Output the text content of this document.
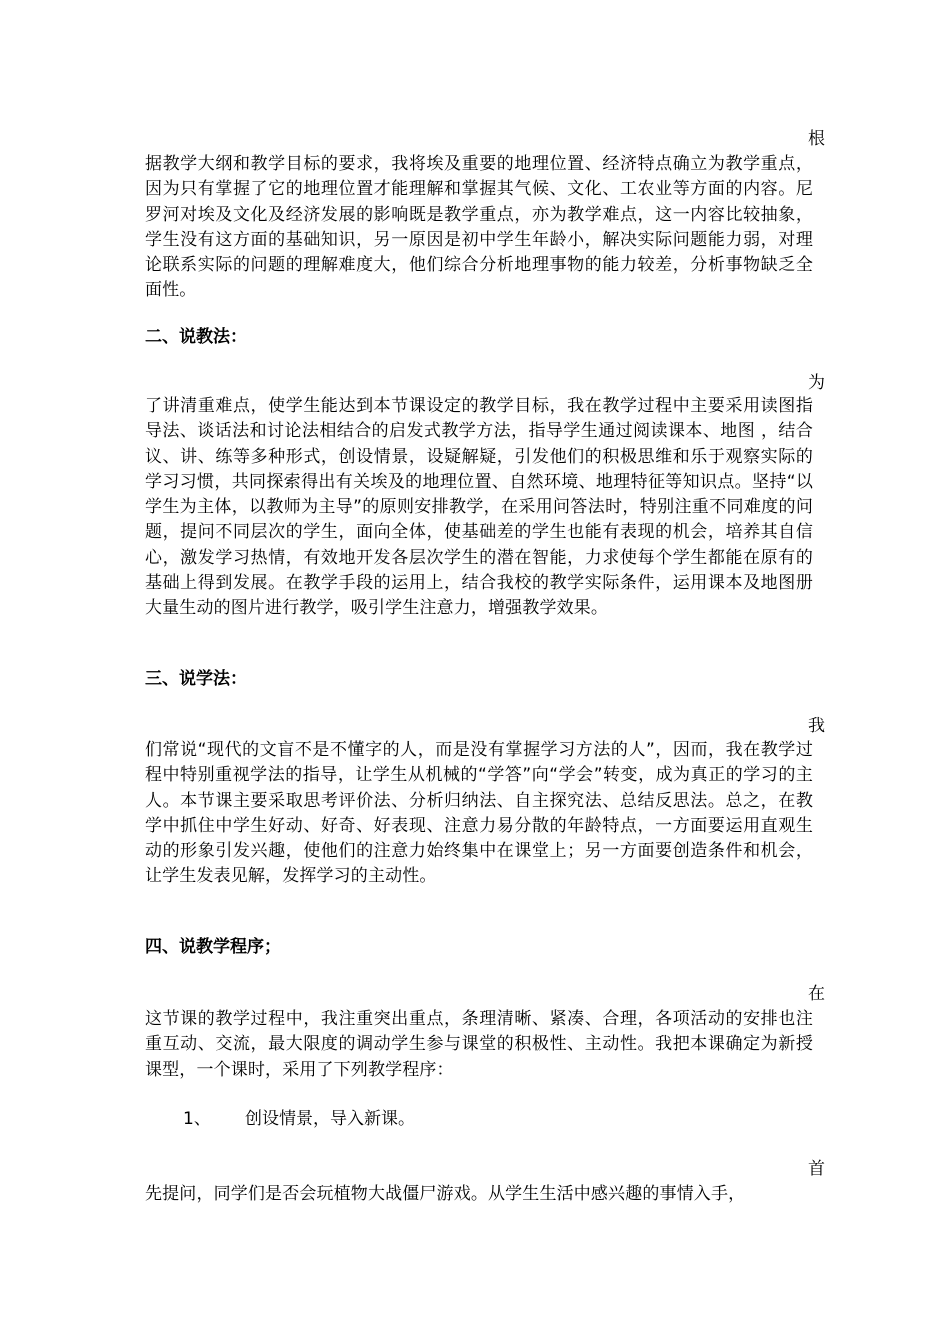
根

据教学大纲和教学目标的要求，我将埃及重要的地理位置、经济特点确立为教学重点，因为只有掌握了它的地理位置才能理解和掌握其气候、文化、工农业等方面的内容。尼罗河对埃及文化及经济发展的影响既是教学重点，亦为教学难点，这一内容比较抽象，学生没有这方面的基础知识，另一原因是初中学生年龄小，解决实际问题能力弱，对理论联系实际的问题的理解难度大，他们综合分析地理事物的能力较差，分析事物缺乏全面性。

二、说教法：
为

了讲清重难点，使学生能达到本节课设定的教学目标，我在教学过程中主要采用读图指导法、谈话法和讨论法相结合的启发式教学方法，指导学生通过阅读课本、地图 ，结合议、讲、练等多种形式，创设情景，设疑解疑，引发他们的积极思维和乐于观察实际的学习习惯，共同探索得出有关埃及的地理位置、自然环境、地理特征等知识点。坚持“以学生为主体，以教师为主导”的原则安排教学，在采用问答法时，特别注重不同难度的问题，提问不同层次的学生，面向全体，使基础差的学生也能有表现的机会，培养其自信心，激发学习热情，有效地开发各层次学生的潜在智能，力求使每个学生都能在原有的基础上得到发展。在教学手段的运用上，结合我校的教学实际条件，运用课本及地图册大量生动的图片进行教学，吸引学生注意力，增强教学效果。

三、说学法：
我

们常说“现代的文盲不是不懂字的人，而是没有掌握学习方法的人”，因而，我在教学过程中特别重视学法的指导，让学生从机械的“学答”向“学会”转变，成为真正的学习的主人。本节课主要采取思考评价法、分析归纳法、自主探究法、总结反思法。总之，在教学中抓住中学生好动、好奇、好表现、注意力易分散的年龄特点，一方面要运用直观生动的形象引发兴趣，使他们的注意力始终集中在课堂上；另一方面要创造条件和机会，让学生发表见解，发挥学习的主动性。

四、说教学程序；
在

这节课的教学过程中，我注重突出重点，条理清晰、紧凑、合理，各项活动的安排也注重互动、交流，最大限度的调动学生参与课堂的积极性、主动性。我把本课确定为新授课型，一个课时，采用了下列教学程序：

1、 创设情景，导入新课。
首

先提问，同学们是否会玩植物大战僵尸游戏。从学生生活中感兴趣的事情入手，
